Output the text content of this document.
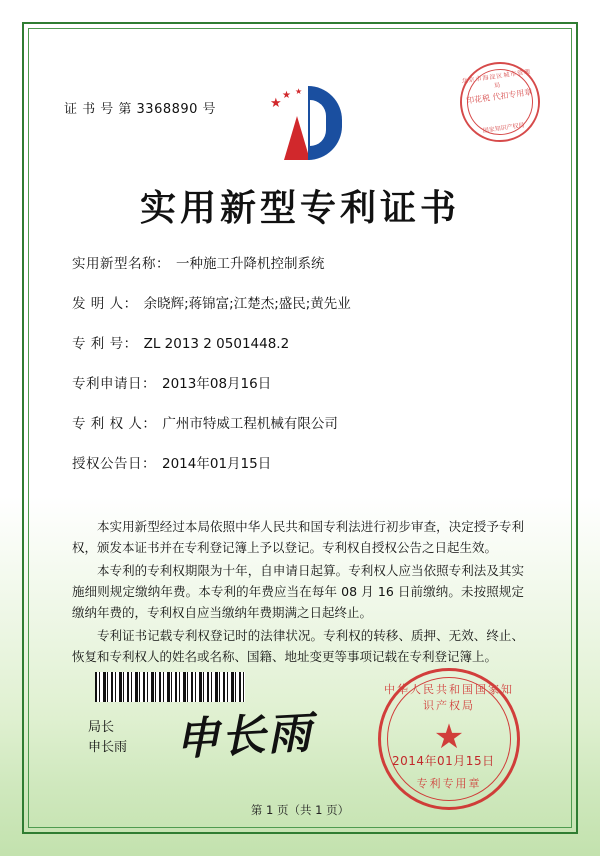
证 书 号 第 3368890 号
北京市海淀区城市管理局
印花税 代扣专用章
国家知识产权局
★
★ ★
实用新型专利证书
实用新型名称： 一种施工升降机控制系统
发 明 人： 余晓辉;蒋锦富;江楚杰;盛民;黄先业
专 利 号： ZL 2013 2 0501448.2
专利申请日： 2013年08月16日
专 利 权 人： 广州市特威工程机械有限公司
授权公告日： 2014年01月15日

本实用新型经过本局依照中华人民共和国专利法进行初步审查，决定授予专利权，颁发本证书并在专利登记簿上予以登记。专利权自授权公告之日起生效。

本专利的专利权期限为十年，自申请日起算。专利权人应当依照专利法及其实施细则规定缴纳年费。本专利的年费应当在每年 08 月 16 日前缴纳。未按照规定缴纳年费的，专利权自应当缴纳年费期满之日起终止。

专利证书记载专利权登记时的法律状况。专利权的转移、质押、无效、终止、恢复和专利权人的姓名或名称、国籍、地址变更等事项记载在专利登记簿上。

局长
申长雨 申长雨
中华人民共和国国家知识产权局
★
专利专用章
2014年01月15日
第 1 页（共 1 页）
